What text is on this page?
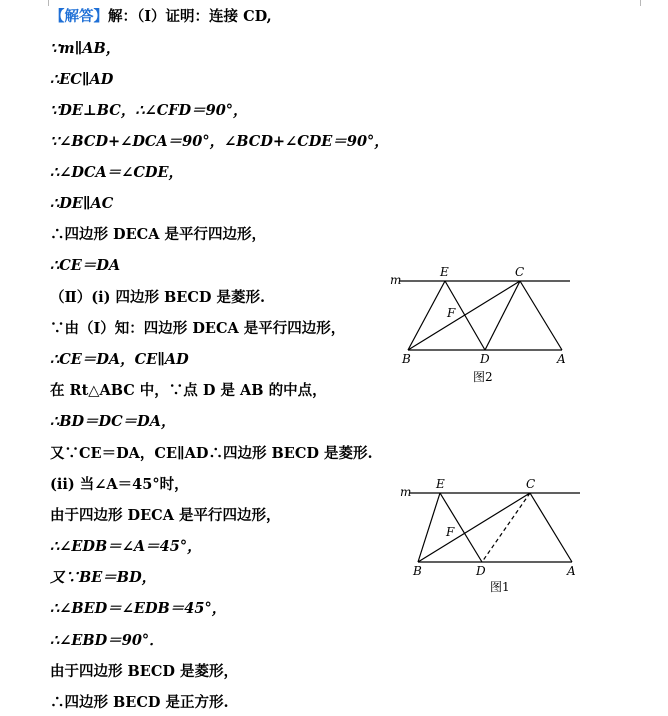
【解答】解：（Ⅰ）证明：连接 CD,
∵m∥AB，
∴EC∥AD
∵DE⊥BC，∴∠CFD＝90°，
∵∠BCD+∠DCA＝90°，∠BCD+∠CDE＝90°，
∴∠DCA＝∠CDE，
∴DE∥AC
∴四边形 DECA 是平行四边形，
∴CE＝DA
（Ⅱ）(i) 四边形 BECD 是菱形.
∵由（Ⅰ）知：四边形 DECA 是平行四边形，
∴CE＝DA，CE∥AD
在 Rt△ABC 中，∵点 D 是 AB 的中点，
∴BD＝DC＝DA，
又∵CE＝DA，CE∥AD∴四边形 BECD 是菱形.
(ii) 当∠A＝45°时，
由于四边形 DECA 是平行四边形，
∴∠EDB＝∠A＝45°，
又∵BE＝BD，
∴∠BED＝∠EDB＝45°，
∴∠EBD＝90°．
由于四边形 BECD 是菱形，
∴四边形 BECD 是正方形.
m
E	C
F
B	D	A
图2
m
E	C
F
B	D	A
图1
